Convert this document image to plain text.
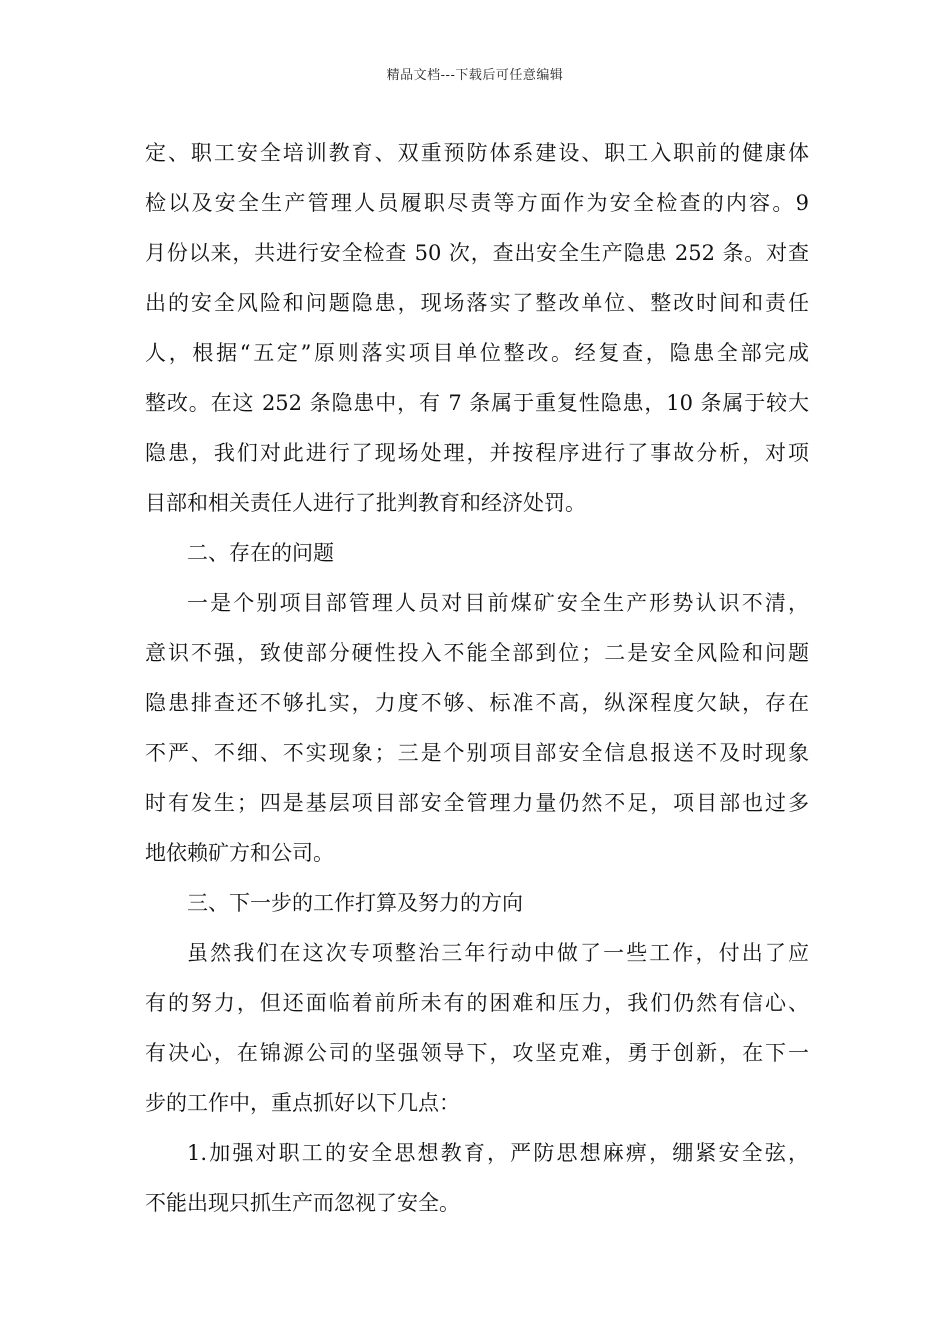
精品文档---下载后可任意编辑
定、职工安全培训教育、双重预防体系建设、职工入职前的健康体
检以及安全生产管理人员履职尽责等方面作为安全检查的内容。9
月份以来，共进行安全检查 50 次，查出安全生产隐患 252 条。对查
出的安全风险和问题隐患，现场落实了整改单位、整改时间和责任
人，根据“五定”原则落实项目单位整改。经复查，隐患全部完成
整改。在这 252 条隐患中，有 7 条属于重复性隐患，10 条属于较大
隐患，我们对此进行了现场处理，并按程序进行了事故分析，对项
目部和相关责任人进行了批判教育和经济处罚。
二、存在的问题
一是个别项目部管理人员对目前煤矿安全生产形势认识不清，
意识不强，致使部分硬性投入不能全部到位；二是安全风险和问题
隐患排查还不够扎实，力度不够、标准不高，纵深程度欠缺，存在
不严、不细、不实现象；三是个别项目部安全信息报送不及时现象
时有发生；四是基层项目部安全管理力量仍然不足，项目部也过多
地依赖矿方和公司。
三、下一步的工作打算及努力的方向
虽然我们在这次专项整治三年行动中做了一些工作，付出了应
有的努力，但还面临着前所未有的困难和压力，我们仍然有信心、
有决心，在锦源公司的坚强领导下，攻坚克难，勇于创新，在下一
步的工作中，重点抓好以下几点：
1.加强对职工的安全思想教育，严防思想麻痹，绷紧安全弦，
不能出现只抓生产而忽视了安全。
